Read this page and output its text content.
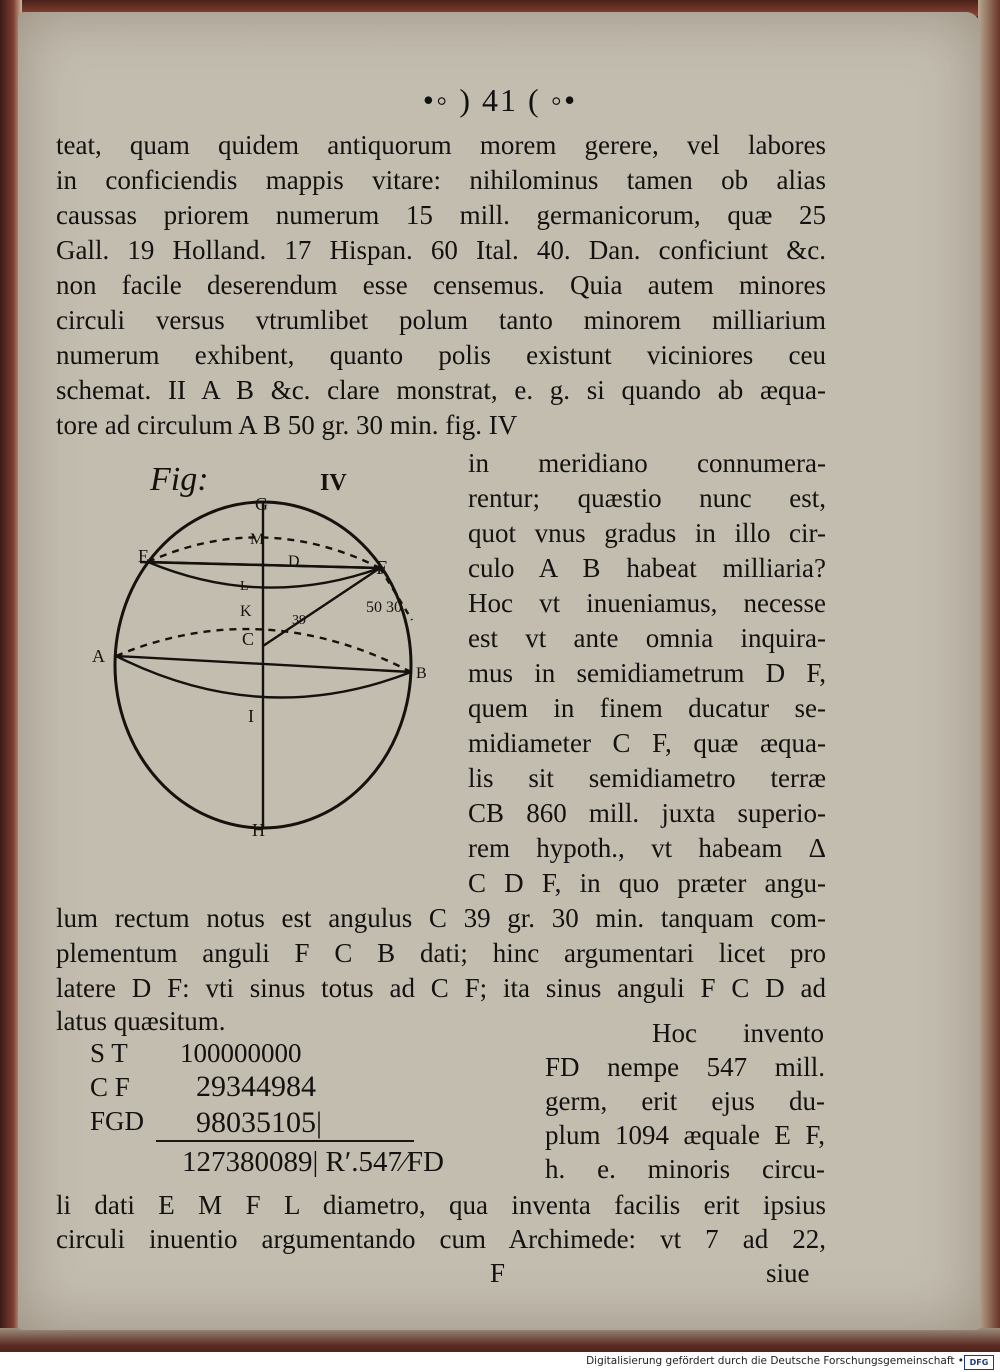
•◦ ) 41 ( ◦•
teat, quam quidem antiquorum morem gerere, vel labores
in conficiendis mappis vitare: nihilominus tamen ob alias
caussas priorem numerum 15 mill. germanicorum, quæ 25
Gall. 19 Holland. 17 Hispan. 60 Ital. 40. Dan. conficiunt &c.
non facile deserendum esse censemus. Quia autem minores
circuli versus vtrumlibet polum tanto minorem milliarium
numerum exhibent, quanto polis existunt viciniores ceu
schemat. II A B &c. clare monstrat, e. g. si quando ab æqua-
tore ad circulum A B 50 gr. 30 min. fig. IV
in meridiano connumera-
rentur; quæstio nunc est,
quot vnus gradus in illo cir-
culo A B habeat milliaria?
Hoc vt inueniamus, necesse
est vt ante omnia inquira-
mus in semidiametrum D F,
quem in finem ducatur se-
midiameter C F, quæ æqua-
lis sit semidiametro terræ
CB 860 mill. juxta superio-
rem hypoth., vt habeam Δ
C D F, in quo præter angu-
lum rectum notus est angulus C 39 gr. 30 min. tanquam com-
plementum anguli F C B dati; hinc argumentari licet pro
latere D F: vti sinus totus ad C F; ita sinus anguli F C D ad
latus quæsitum.	Hoc invento
FD nempe 547 mill.
germ, erit ejus du-
plum 1094 æquale E F,
h. e. minoris circu-
S T 100000000
C F 29344984
FGD 98035105|
127380089| Rʹ.547⁄FD
li dati E M F L diametro, qua inventa facilis erit ipsius
circuli inuentio argumentando cum Archimede: vt 7 ad 22,
F	siue
Fig:	IV
G
M
E	D	F
L
K
C
39
50 30
A
B
I
H
Digitalisierung gefördert durch die Deutsche Forschungsgemeinschaft • DFG
